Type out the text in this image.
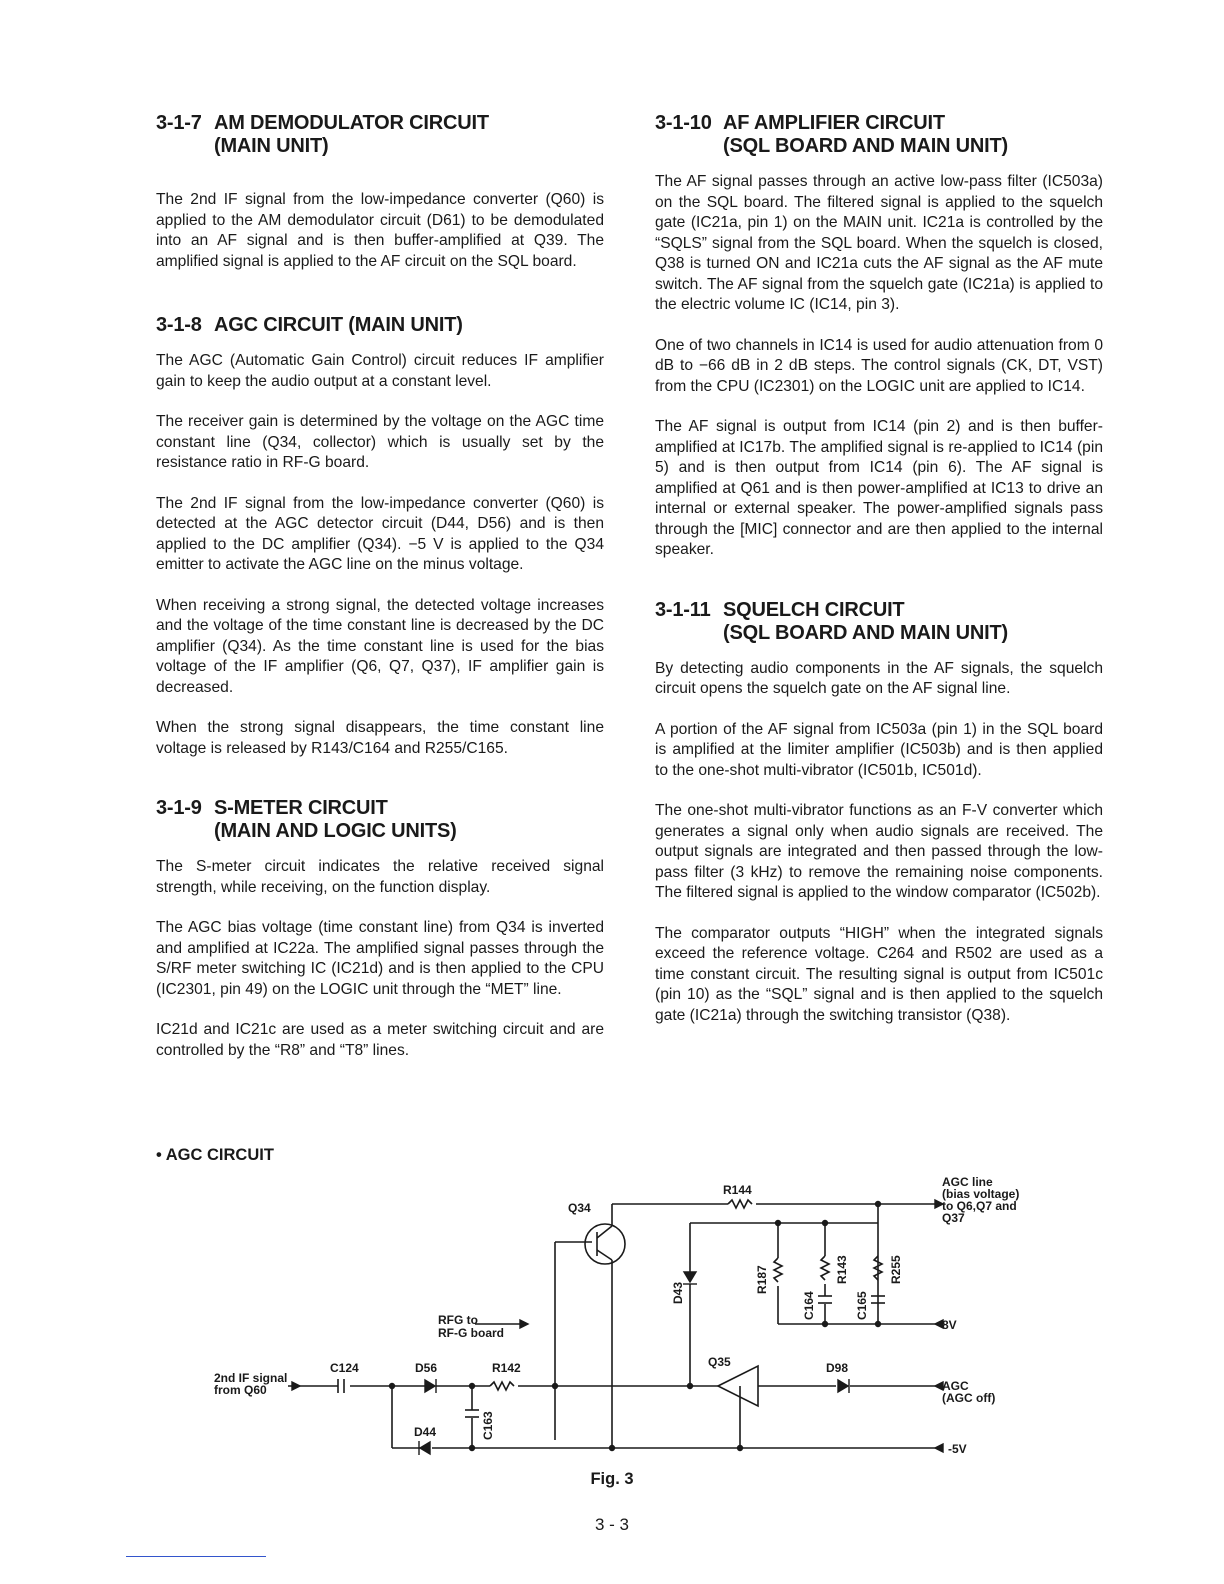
3-1-7 AM DEMODULATOR CIRCUIT
(MAIN UNIT)

The 2nd IF signal from the low-impedance converter (Q60) is applied to the AM demodulator circuit (D61) to be demodulated into an AF signal and is then buffer-amplified at Q39. The amplified signal is applied to the AF circuit on the SQL board.

3-1-8 AGC CIRCUIT (MAIN UNIT)

The AGC (Automatic Gain Control) circuit reduces IF amplifier gain to keep the audio output at a constant level.

The receiver gain is determined by the voltage on the AGC time constant line (Q34, collector) which is usually set by the resistance ratio in RF-G board.

The 2nd IF signal from the low-impedance converter (Q60) is detected at the AGC detector circuit (D44, D56) and is then applied to the DC amplifier (Q34). −5 V is applied to the Q34 emitter to activate the AGC line on the minus voltage.

When receiving a strong signal, the detected voltage increases and the voltage of the time constant line is decreased by the DC amplifier (Q34). As the time constant line is used for the bias voltage of the IF amplifier (Q6, Q7, Q37), IF amplifier gain is decreased.

When the strong signal disappears, the time constant line voltage is released by R143/C164 and R255/C165.

3-1-9 S-METER CIRCUIT
(MAIN AND LOGIC UNITS)

The S-meter circuit indicates the relative received signal strength, while receiving, on the function display.

The AGC bias voltage (time constant line) from Q34 is inverted and amplified at IC22a. The amplified signal passes through the S/RF meter switching IC (IC21d) and is then applied to the CPU (IC2301, pin 49) on the LOGIC unit through the “MET” line.

IC21d and IC21c are used as a meter switching circuit and are controlled by the “R8” and “T8” lines.

3-1-10 AF AMPLIFIER CIRCUIT
(SQL BOARD AND MAIN UNIT)

The AF signal passes through an active low-pass filter (IC503a) on the SQL board. The filtered signal is applied to the squelch gate (IC21a, pin 1) on the MAIN unit. IC21a is controlled by the “SQLS” signal from the SQL board. When the squelch is closed, Q38 is turned ON and IC21a cuts the AF signal as the AF mute switch. The AF signal from the squelch gate (IC21a) is applied to the electric volume IC (IC14, pin 3).

One of two channels in IC14 is used for audio attenuation from 0 dB to −66 dB in 2 dB steps. The control signals (CK, DT, VST) from the CPU (IC2301) on the LOGIC unit are applied to IC14.

The AF signal is output from IC14 (pin 2) and is then buffer-amplified at IC17b. The amplified signal is re-applied to IC14 (pin 5) and is then output from IC14 (pin 6). The AF signal is amplified at Q61 and is then power-amplified at IC13 to drive an internal or external speaker. The power-amplified signals pass through the [MIC] connector and are then applied to the internal speaker.

3-1-11 SQUELCH CIRCUIT
(SQL BOARD AND MAIN UNIT)

By detecting audio components in the AF signals, the squelch circuit opens the squelch gate on the AF signal line.

A portion of the AF signal from IC503a (pin 1) in the SQL board is amplified at the limiter amplifier (IC503b) and is then applied to the one-shot multi-vibrator (IC501b, IC501d).

The one-shot multi-vibrator functions as an F-V converter which generates a signal only when audio signals are received. The output signals are integrated and then passed through the low-pass filter (3 kHz) to remove the remaining noise components. The filtered signal is applied to the window comparator (IC502b).

The comparator outputs “HIGH” when the integrated signals exceed the reference voltage. C264 and R502 are used as a time constant circuit. The resulting signal is output from IC501c (pin 10) as the “SQL” signal and is then applied to the squelch gate (IC21a) through the switching transistor (Q38).

• AGC CIRCUIT
Q34
R144
AGC line
(bias voltage)
to Q6,Q7 and
Q37
D43	R187	R143	R255
C164	C165
8V
RFG to
RF-G board
Q35	D98
2nd IF signal
from Q60
C124	D56	R142
AGC
(AGC off)
C163
D44
-5V
Fig. 3
3 - 3
